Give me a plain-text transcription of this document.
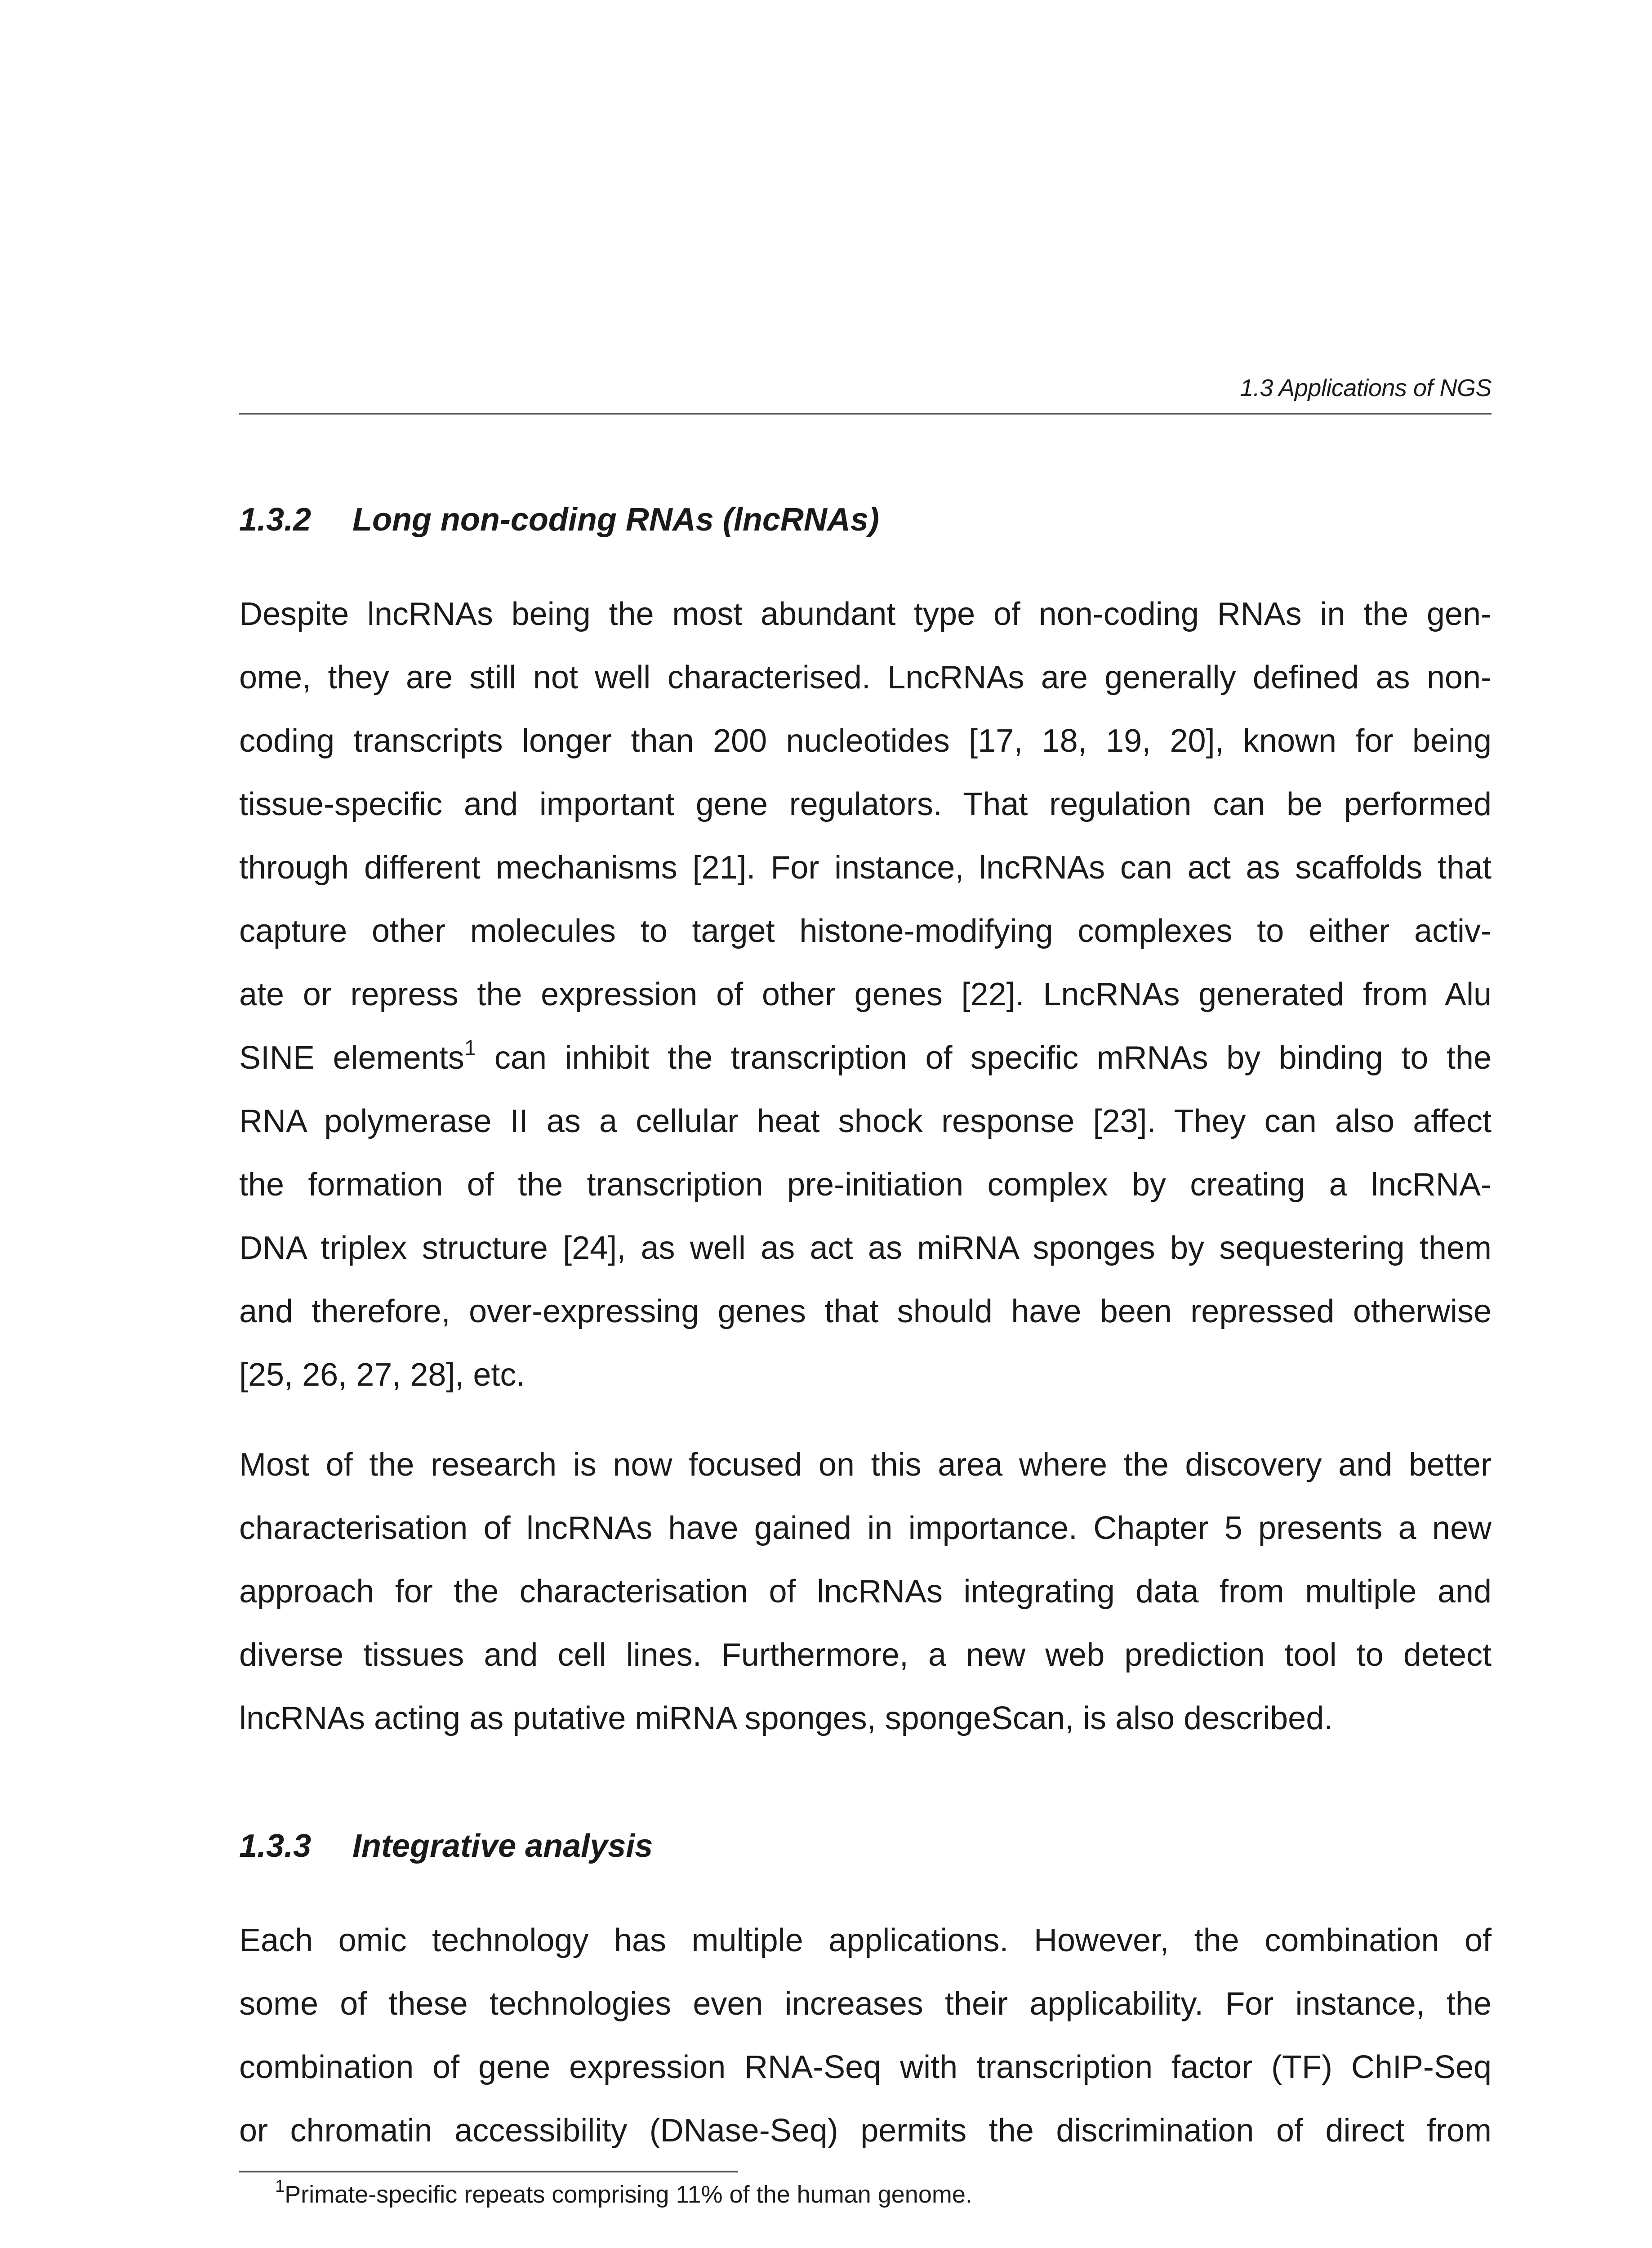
1.3 Applications of NGS
1.3.2 Long non-coding RNAs (lncRNAs)
Despite lncRNAs being the most abundant type of non-coding RNAs in the gen-
ome, they are still not well characterised. LncRNAs are generally defined as non-
coding transcripts longer than 200 nucleotides [17, 18, 19, 20], known for being
tissue-specific and important gene regulators. That regulation can be performed
through different mechanisms [21]. For instance, lncRNAs can act as scaffolds that
capture other molecules to target histone-modifying complexes to either activ-
ate or repress the expression of other genes [22]. LncRNAs generated from Alu
SINE elements$^1$ can inhibit the transcription of specific mRNAs by binding to the
RNA polymerase II as a cellular heat shock response [23]. They can also affect
the formation of the transcription pre-initiation complex by creating a lncRNA-
DNA triplex structure [24], as well as act as miRNA sponges by sequestering them
and therefore, over-expressing genes that should have been repressed otherwise
[25, 26, 27, 28], etc.
Most of the research is now focused on this area where the discovery and better
characterisation of lncRNAs have gained in importance. Chapter 5 presents a new
approach for the characterisation of lncRNAs integrating data from multiple and
diverse tissues and cell lines. Furthermore, a new web prediction tool to detect
lncRNAs acting as putative miRNA sponges, spongeScan, is also described.
1.3.3 Integrative analysis
Each omic technology has multiple applications. However, the combination of
some of these technologies even increases their applicability. For instance, the
combination of gene expression RNA-Seq with transcription factor (TF) ChIP-Seq
or chromatin accessibility (DNase-Seq) permits the discrimination of direct from
$^1$Primate-specific repeats comprising 11% of the human genome.
